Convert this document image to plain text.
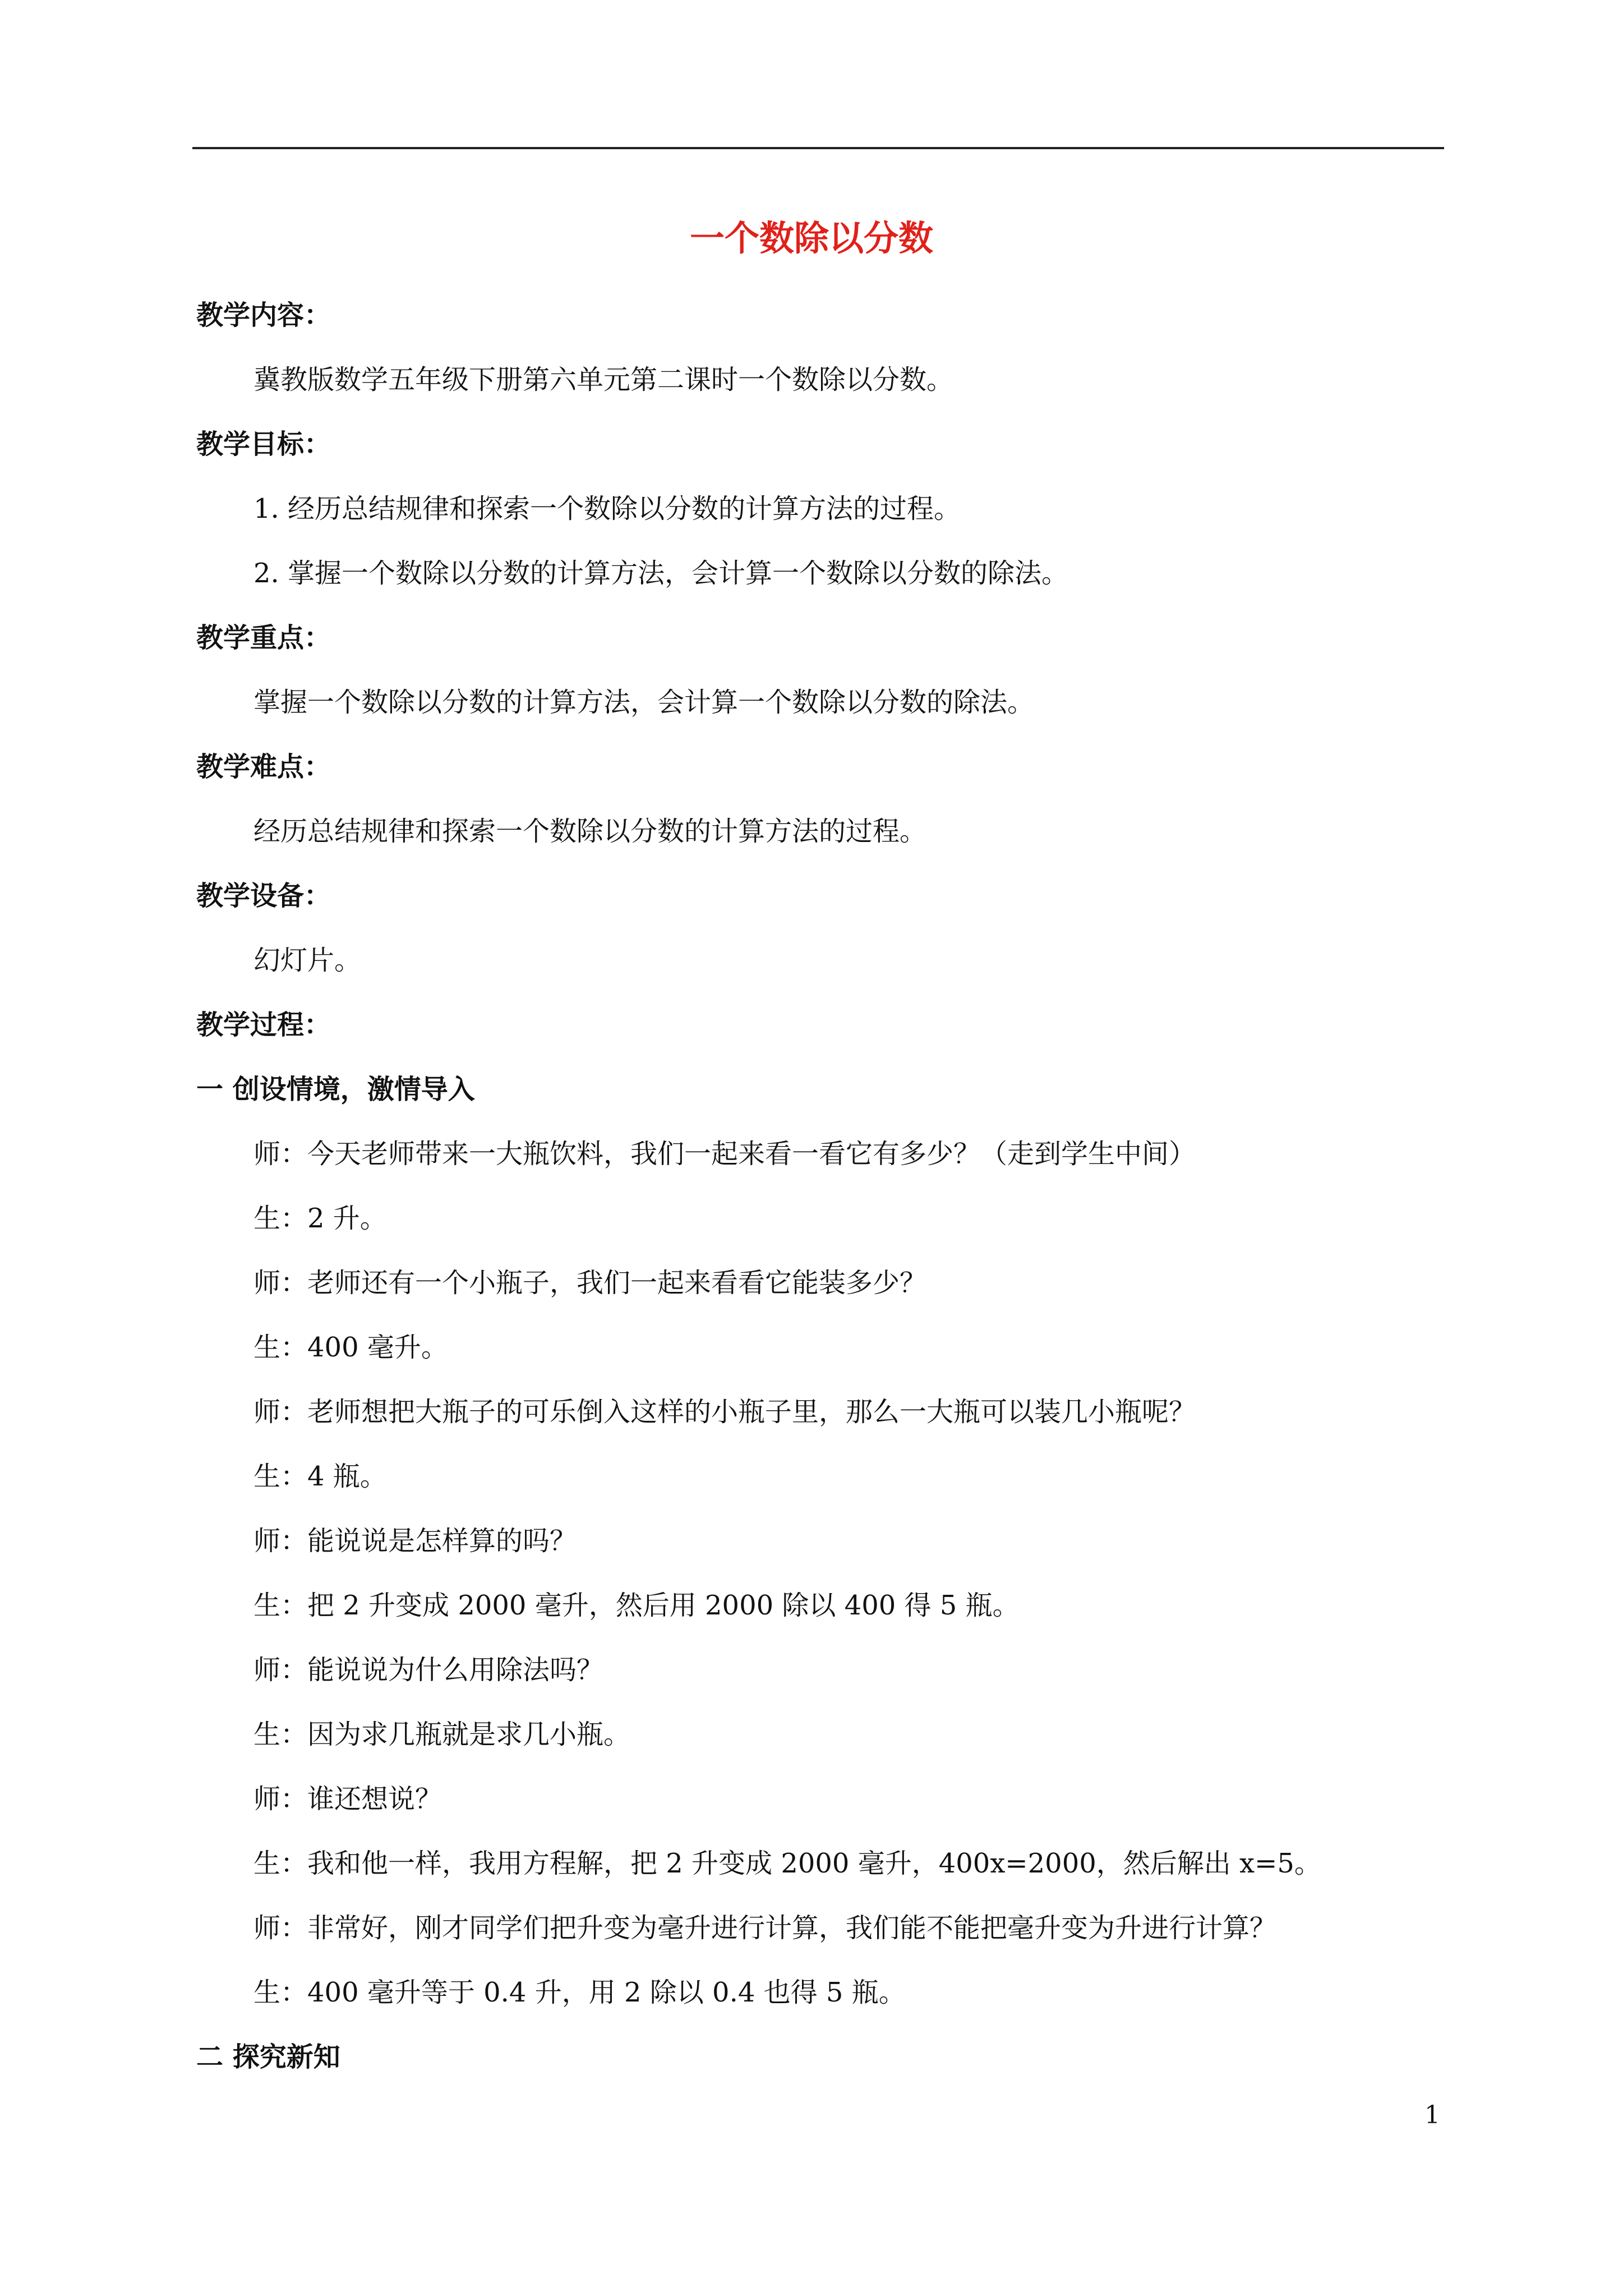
一个数除以分数
教学内容：
冀教版数学五年级下册第六单元第二课时一个数除以分数。
教学目标：
1. 经历总结规律和探索一个数除以分数的计算方法的过程。
2. 掌握一个数除以分数的计算方法，会计算一个数除以分数的除法。
教学重点：
掌握一个数除以分数的计算方法，会计算一个数除以分数的除法。
教学难点：
经历总结规律和探索一个数除以分数的计算方法的过程。
教学设备：
幻灯片。
教学过程：
一 创设情境，激情导入
师：今天老师带来一大瓶饮料，我们一起来看一看它有多少？（走到学生中间）
生：2 升。
师：老师还有一个小瓶子，我们一起来看看它能装多少？
生：400 毫升。
师：老师想把大瓶子的可乐倒入这样的小瓶子里，那么一大瓶可以装几小瓶呢？
生：4 瓶。
师：能说说是怎样算的吗？
生：把 2 升变成 2000 毫升，然后用 2000 除以 400 得 5 瓶。
师：能说说为什么用除法吗？
生：因为求几瓶就是求几小瓶。
师：谁还想说？
生：我和他一样，我用方程解，把 2 升变成 2000 毫升，400x=2000，然后解出 x=5。
师：非常好，刚才同学们把升变为毫升进行计算，我们能不能把毫升变为升进行计算？
生：400 毫升等于 0.4 升，用 2 除以 0.4 也得 5 瓶。
二 探究新知
1
